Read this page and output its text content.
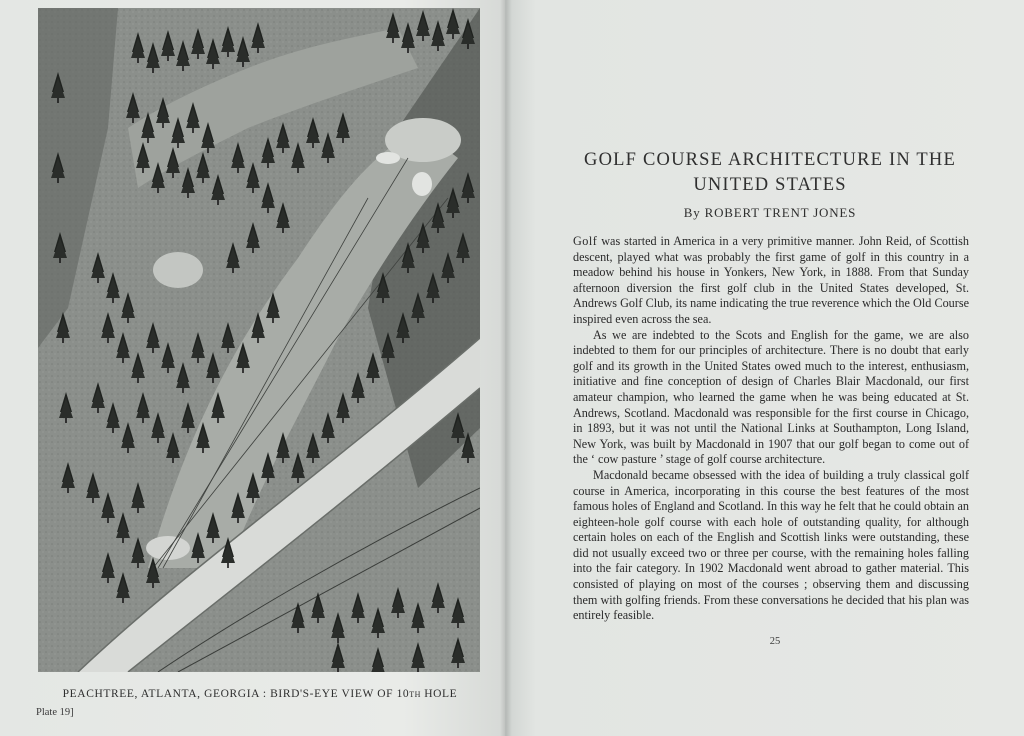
PEACHTREE, ATLANTA, GEORGIA : BIRD'S-EYE VIEW OF 10TH HOLE
Plate 19]
GOLF COURSE ARCHITECTURE IN THE
UNITED STATES
By ROBERT TRENT JONES

Golf was started in America in a very primitive manner. John Reid, of Scottish descent, played what was probably the first game of golf in this country in a meadow behind his house in Yonkers, New York, in 1888. From that Sunday afternoon diversion the first golf club in the United States developed, St. Andrews Golf Club, its name indicating the true reverence which the Old Course inspired even across the sea.

As we are indebted to the Scots and English for the game, we are also indebted to them for our principles of architecture. There is no doubt that early golf and its growth in the United States owed much to the interest, enthusiasm, initiative and fine conception of design of Charles Blair Macdonald, our first amateur champion, who learned the game when he was being educated at St. Andrews, Scotland. Macdonald was responsible for the first course in Chicago, in 1893, but it was not until the National Links at Southampton, Long Island, New York, was built by Macdonald in 1907 that our golf began to come out of the ‘ cow pasture ’ stage of golf course architecture.

Macdonald became obsessed with the idea of building a truly classical golf course in America, incorporating in this course the best features of the most famous holes of England and Scotland. In this way he felt that he could obtain an eighteen-hole golf course with each hole of outstanding quality, for although certain holes on each of the English and Scottish links were outstanding, these did not usually exceed two or three per course, with the remaining holes falling into the fair category. In 1902 Macdonald went abroad to gather material. This consisted of playing on most of the courses ; observing them and discussing them with golfing friends. From these conversations he decided that his plan was entirely feasible.

25
